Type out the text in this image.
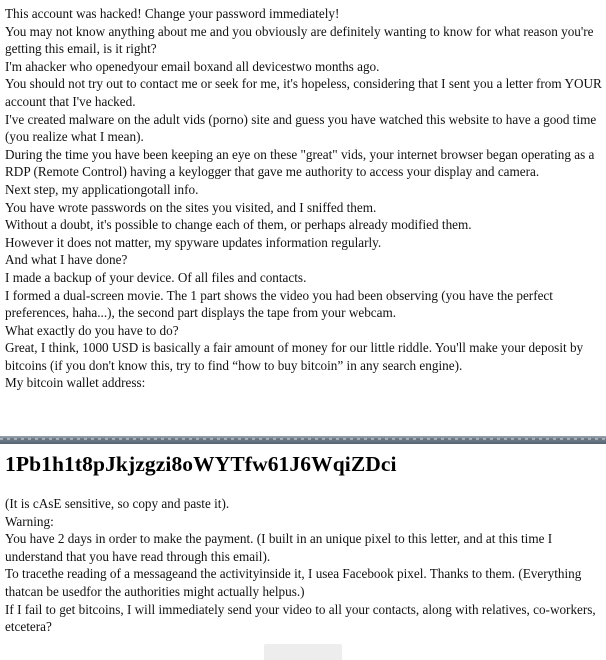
This account was hacked! Change your password immediately!

You may not know anything about me and you obviously are definitely wanting to know for what reason you're getting this email, is it right?

I'm ahacker who openedyour email boxand all devicestwo months ago.

You should not try out to contact me or seek for me, it's hopeless, considering that I sent you a letter from YOUR account that I've hacked.

I've created malware on the adult vids (porno) site and guess you have watched this website to have a good time (you realize what I mean).

During the time you have been keeping an eye on these "great" vids, your internet browser began operating as a RDP (Remote Control) having a keylogger that gave me authority to access your display and camera.

Next step, my applicationgotall info.

You have wrote passwords on the sites you visited, and I sniffed them.

Without a doubt, it's possible to change each of them, or perhaps already modified them.

However it does not matter, my spyware updates information regularly.

And what I have done?

I made a backup of your device. Of all files and contacts.

I formed a dual-screen movie. The 1 part shows the video you had been observing (you have the perfect preferences, haha...), the second part displays the tape from your webcam.

What exactly do you have to do?

Great, I think, 1000 USD is basically a fair amount of money for our little riddle. You'll make your deposit by bitcoins (if you don't know this, try to find “how to buy bitcoin” in any search engine).

My bitcoin wallet address:

1Pb1h1t8pJkjzgzi8oWYTfw61J6WqiZDci

(It is cAsE sensitive, so copy and paste it).

Warning:

You have 2 days in order to make the payment. (I built in an unique pixel to this letter, and at this time I understand that you have read through this email).

To tracethe reading of a messageand the activityinside it, I usea Facebook pixel. Thanks to them. (Everything thatcan be usedfor the authorities might actually helpus.)

If I fail to get bitcoins, I will immediately send your video to all your contacts, along with relatives, co-workers, etcetera?
